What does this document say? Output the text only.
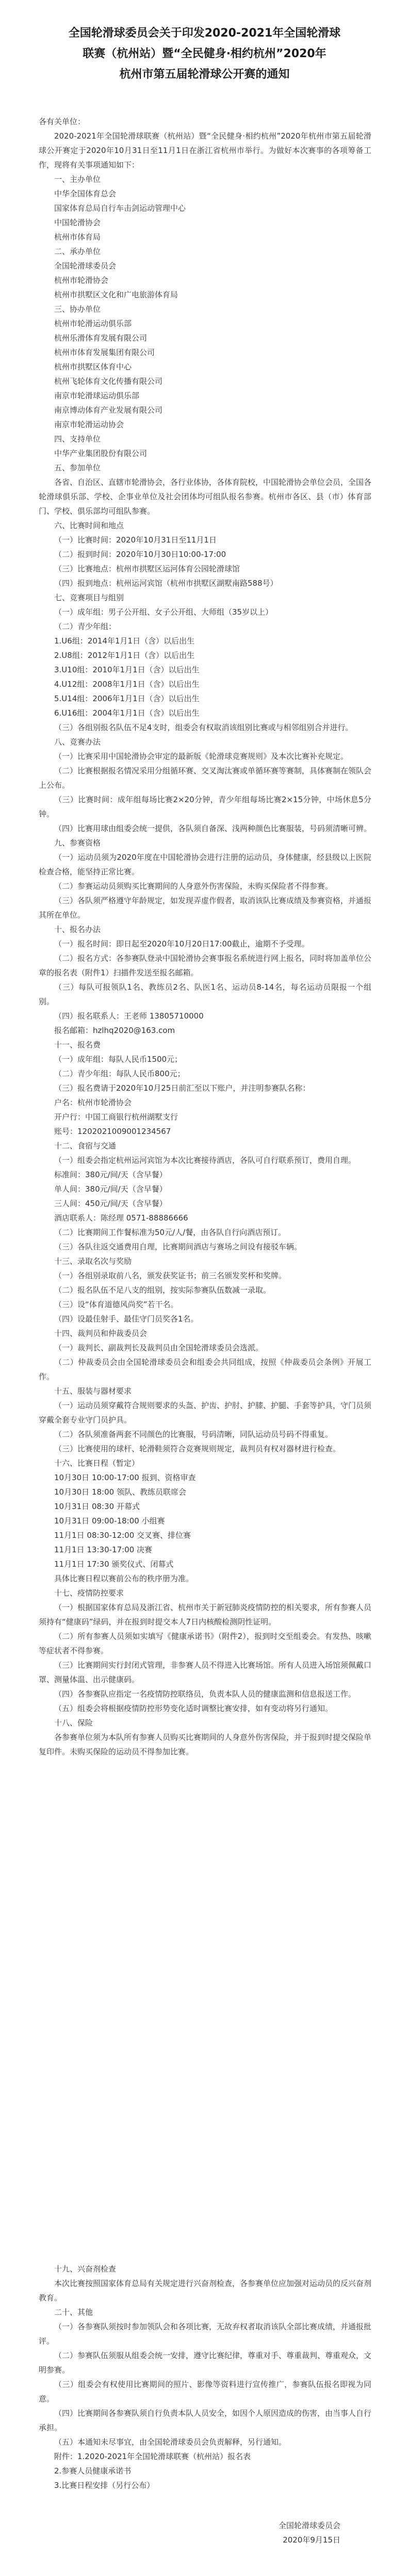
全国轮滑球委员会关于印发2020-2021年全国轮滑球
联赛（杭州站）暨“全民健身·相约杭州”2020年
杭州市第五届轮滑球公开赛的通知

各有关单位：

2020-2021年全国轮滑球联赛（杭州站）暨“全民健身·相约杭州”2020年杭州市第五届轮滑球公开赛定于2020年10月31日至11月1日在浙江省杭州市举行。为做好本次赛事的各项筹备工作，现将有关事项通知如下：

一、主办单位

中华全国体育总会

国家体育总局自行车击剑运动管理中心

中国轮滑协会

杭州市体育局

二、承办单位

全国轮滑球委员会

杭州市轮滑协会

杭州市拱墅区文化和广电旅游体育局

三、协办单位

杭州市轮滑运动俱乐部

杭州乐滑体育发展有限公司

杭州市体育发展集团有限公司

杭州市拱墅区体育中心

杭州飞轮体育文化传播有限公司

南京市轮滑球运动俱乐部

南京博动体育产业发展有限公司

南京市轮滑运动协会

四、支持单位

中华产业集团股份有限公司

五、参加单位

各省、自治区、直辖市轮滑协会，各行业体协，各体育院校，中国轮滑协会单位会员，全国各轮滑球俱乐部、学校、企事业单位及社会团体均可组队报名参赛。杭州市各区、县（市）体育部门、学校、俱乐部均可组队参赛。

六、比赛时间和地点

（一）比赛时间：2020年10月31日至11月1日

（二）报到时间：2020年10月30日10:00-17:00

（三）比赛地点：杭州市拱墅区运河体育公园轮滑球馆

（四）报到地点：杭州运河宾馆（杭州市拱墅区湖墅南路588号）

七、竞赛项目与组别

（一）成年组：男子公开组、女子公开组、大师组（35岁以上）

（二）青少年组：

1.U6组：2014年1月1日（含）以后出生

2.U8组：2012年1月1日（含）以后出生

3.U10组：2010年1月1日（含）以后出生

4.U12组：2008年1月1日（含）以后出生

5.U14组：2006年1月1日（含）以后出生

6.U16组：2004年1月1日（含）以后出生

（三）各组别报名队伍不足4支时，组委会有权取消该组别比赛或与相邻组别合并进行。

八、竞赛办法

（一）比赛采用中国轮滑协会审定的最新版《轮滑球竞赛规则》及本次比赛补充规定。

（二）比赛根据报名情况采用分组循环赛、交叉淘汰赛或单循环赛等赛制，具体赛制在领队会上公布。

（三）比赛时间：成年组每场比赛2×20分钟，青少年组每场比赛2×15分钟，中场休息5分钟。

（四）比赛用球由组委会统一提供，各队须自备深、浅两种颜色比赛服装，号码须清晰可辨。

九、参赛资格

（一）运动员须为2020年度在中国轮滑协会进行注册的运动员，身体健康，经县级以上医院检查合格，能坚持正常比赛。

（二）参赛运动员须购买比赛期间的人身意外伤害保险，未购买保险者不得参赛。

（三）各队须严格遵守年龄规定，如发现弄虚作假者，取消该队比赛成绩及参赛资格，并通报其所在单位。

十、报名办法

（一）报名时间：即日起至2020年10月20日17:00截止，逾期不予受理。

（二）报名方式：各参赛队登录中国轮滑协会赛事报名系统进行网上报名，同时将加盖单位公章的报名表（附件1）扫描件发送至报名邮箱。

（三）每队可报领队1名、教练员2名、队医1名、运动员8-14名，每名运动员限报一个组别。

（四）报名联系人：王老师 13805710000

报名邮箱：hzlhq2020@163.com

十一、报名费

（一）成年组：每队人民币1500元；

（二）青少年组：每队人民币800元；

（三）报名费请于2020年10月25日前汇至以下账户，并注明参赛队名称：

户名：杭州市轮滑协会

开户行：中国工商银行杭州湖墅支行

账号：1202021009001234567

十二、食宿与交通

（一）组委会指定杭州运河宾馆为本次比赛接待酒店，各队可自行联系预订，费用自理。

标准间：380元/间/天（含早餐）

单人间：380元/间/天（含早餐）

三人间：450元/间/天（含早餐）

酒店联系人：陈经理 0571-88886666

（二）比赛期间工作餐标准为50元/人/餐，由各队自行向酒店预订。

（三）各队往返交通费用自理，比赛期间酒店与赛场之间设有接驳车辆。

十三、录取名次与奖励

（一）各组别录取前八名，颁发获奖证书；前三名颁发奖杯和奖牌。

（二）报名队伍不足八支的组别，按实际参赛队伍数减一录取。

（三）设“体育道德风尚奖”若干名。

（四）设最佳射手、最佳守门员奖各1名。

十四、裁判员和仲裁委员会

（一）裁判长、副裁判长及裁判员由全国轮滑球委员会选派。

（二）仲裁委员会由全国轮滑球委员会和组委会共同组成，按照《仲裁委员会条例》开展工作。

十五、服装与器材要求

（一）运动员须穿戴符合规则要求的头盔、护齿、护肘、护膝、护腿、手套等护具，守门员须穿戴全套专业守门员护具。

（二）各队须准备两套不同颜色的比赛服，号码清晰，同队运动员号码不得重复。

（三）比赛使用的球杆、轮滑鞋须符合竞赛规则规定，裁判员有权对器材进行检查。

十六、比赛日程（暂定）

10月30日 10:00-17:00 报到、资格审查

10月30日 18:00 领队、教练员联席会

10月31日 08:30 开幕式

10月31日 09:00-18:00 小组赛

11月1日 08:30-12:00 交叉赛、排位赛

11月1日 13:30-17:00 决赛

11月1日 17:30 颁奖仪式、闭幕式

具体比赛日程以赛前公布的秩序册为准。

十七、疫情防控要求

（一）根据国家体育总局及浙江省、杭州市关于新冠肺炎疫情防控的相关要求，所有参赛人员须持有“健康码”绿码，并在报到时提交本人7日内核酸检测阴性证明。

（二）所有参赛人员须如实填写《健康承诺书》（附件2），报到时交至组委会。有发热、咳嗽等症状者不得参赛。

（三）比赛期间实行封闭式管理，非参赛人员不得进入比赛场馆。所有人员进入场馆须佩戴口罩、测量体温、出示健康码。

（四）各参赛队应指定一名疫情防控联络员，负责本队人员的健康监测和信息报送工作。

（五）组委会将根据疫情防控形势变化适时调整比赛安排，如有变动将另行通知。

十八、保险

各参赛单位须为本队所有参赛人员购买比赛期间的人身意外伤害保险，并于报到时提交保险单复印件。未购买保险的运动员不得参加比赛。

十九、兴奋剂检查

本次比赛按照国家体育总局有关规定进行兴奋剂检查，各参赛单位应加强对运动员的反兴奋剂教育。

二十、其他

（一）各参赛队须按时参加领队会和各项比赛，无故弃权者取消该队全部比赛成绩，并通报批评。

（二）参赛队伍须服从组委会统一安排，遵守比赛纪律，尊重对手、尊重裁判、尊重观众，文明参赛。

（三）组委会有权使用比赛期间的照片、影像等资料进行宣传推广，参赛队伍报名即视为同意。

（四）比赛期间各参赛队须自行负责本队人员安全，如因个人原因造成的伤害，由当事人自行承担。

（五）本通知未尽事宜，由全国轮滑球委员会负责解释，另行通知。

附件：1.2020-2021年全国轮滑球联赛（杭州站）报名表

2.参赛人员健康承诺书

3.比赛日程安排（另行公布）

全国轮滑球委员会

2020年9月15日
